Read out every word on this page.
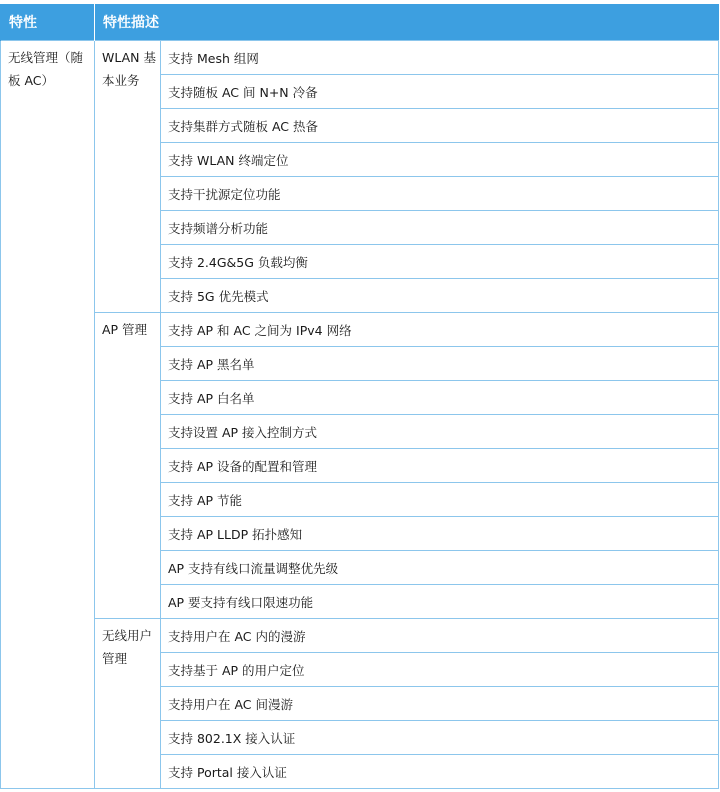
特性	特性描述	
无线管理（随板 AC）	WLAN 基本业务	支持 Mesh 组网
		支持随板 AC 间 N+N 冷备
		支持集群方式随板 AC 热备
		支持 WLAN 终端定位
		支持干扰源定位功能
		支持频谱分析功能
		支持 2.4G&5G 负载均衡
		支持 5G 优先模式
	AP 管理	支持 AP 和 AC 之间为 IPv4 网络
		支持 AP 黑名单
		支持 AP 白名单
		支持设置 AP 接入控制方式
		支持 AP 设备的配置和管理
		支持 AP 节能
		支持 AP LLDP 拓扑感知
		AP 支持有线口流量调整优先级
		AP 要支持有线口限速功能
	无线用户管理	支持用户在 AC 内的漫游
		支持基于 AP 的用户定位
		支持用户在 AC 间漫游
		支持 802.1X 接入认证
		支持 Portal 接入认证
